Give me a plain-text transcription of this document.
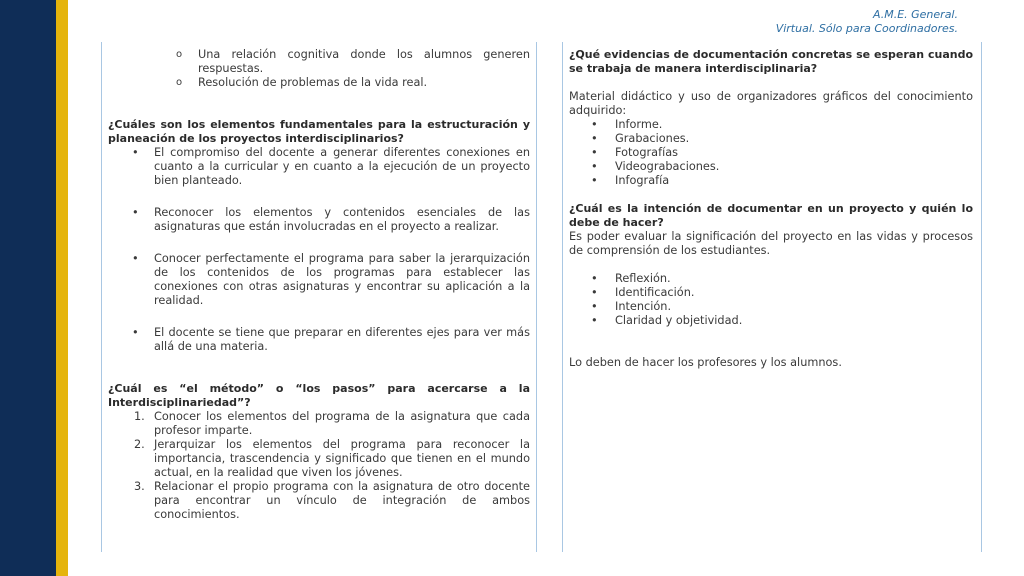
A.M.E. General.
Virtual. Sólo para Coordinadores.
o Una relación cognitiva donde los alumnos generen respuestas.
o Resolución de problemas de la vida real.
¿Cuáles son los elementos fundamentales para la estructuración y planeación de los proyectos interdisciplinarios?
• El compromiso del docente a generar diferentes conexiones en cuanto a la curricular y en cuanto a la ejecución de un proyecto bien planteado.
• Reconocer los elementos y contenidos esenciales de las asignaturas que están involucradas en el proyecto a realizar.
• Conocer perfectamente el programa para saber la jerarquización de los contenidos de los programas para establecer las conexiones con otras asignaturas y encontrar su aplicación a la realidad.
• El docente se tiene que preparar en diferentes ejes para ver más allá de una materia.
¿Cuál es “el método” o “los pasos” para acercarse a la Interdisciplinariedad”?
1. Conocer los elementos del programa de la asignatura que cada profesor imparte.
2. Jerarquizar los elementos del programa para reconocer la importancia, trascendencia y significado que tienen en el mundo actual, en la realidad que viven los jóvenes.
3. Relacionar el propio programa con la asignatura de otro docente para encontrar un vínculo de integración de ambos conocimientos.
¿Qué evidencias de documentación concretas se esperan cuando se trabaja de manera interdisciplinaria?
Material didáctico y uso de organizadores gráficos del conocimiento adquirido:
• Informe.
• Grabaciones.
• Fotografías
• Videograbaciones.
• Infografía
¿Cuál es la intención de documentar en un proyecto y quién lo debe de hacer?
Es poder evaluar la significación del proyecto en las vidas y procesos de comprensión de los estudiantes.
• Reflexión.
• Identificación.
• Intención.
• Claridad y objetividad.
Lo deben de hacer los profesores y los alumnos.
